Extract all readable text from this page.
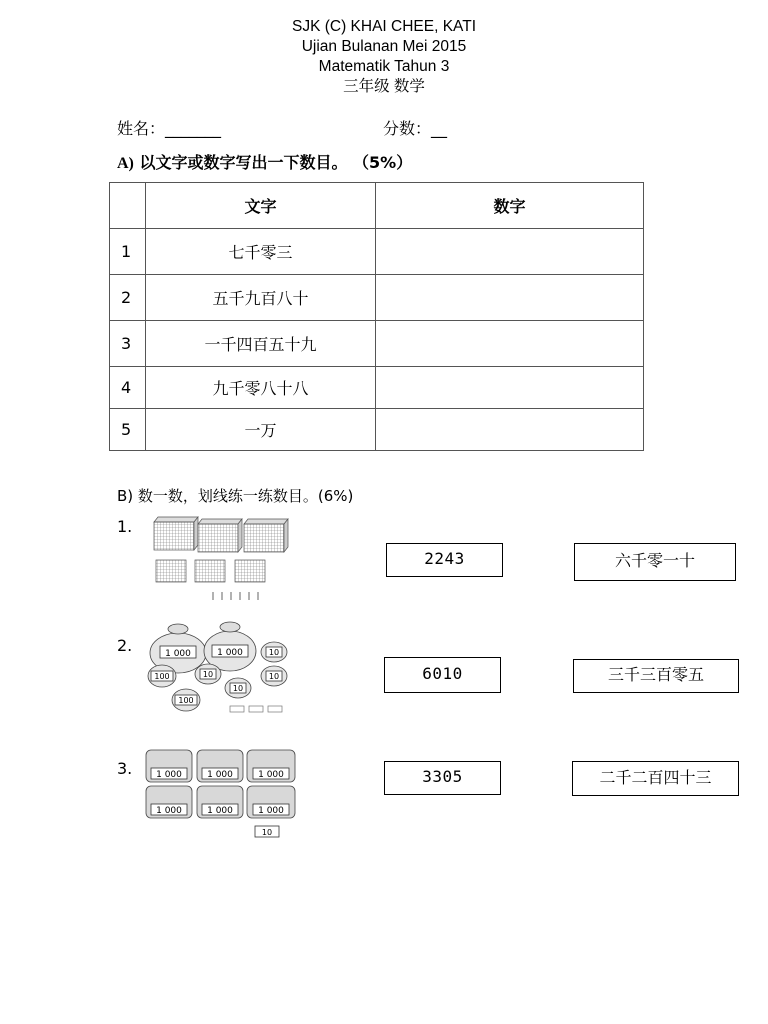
SJK (C) KHAI CHEE, KATI
Ujian Bulanan Mei 2015
Matematik Tahun 3
三年级 数学
姓名：_______	分数：__
A) 以文字或数字写出一下数目。 （5%）
	文字	数字
1	七千零三	
2	五千九百八十	
3	一千四百五十九	
4	九千零八十八	
5	一万	
B) 数一数，划线练一练数目。(6%)
1.
2243	六千零一十
2.	1 000	1 000	10
100	10	10
10
100
6010	三千三百零五
3.	1 000	1 000	1 000
1 000	1 000	1 000
10
3305	二千二百四十三
